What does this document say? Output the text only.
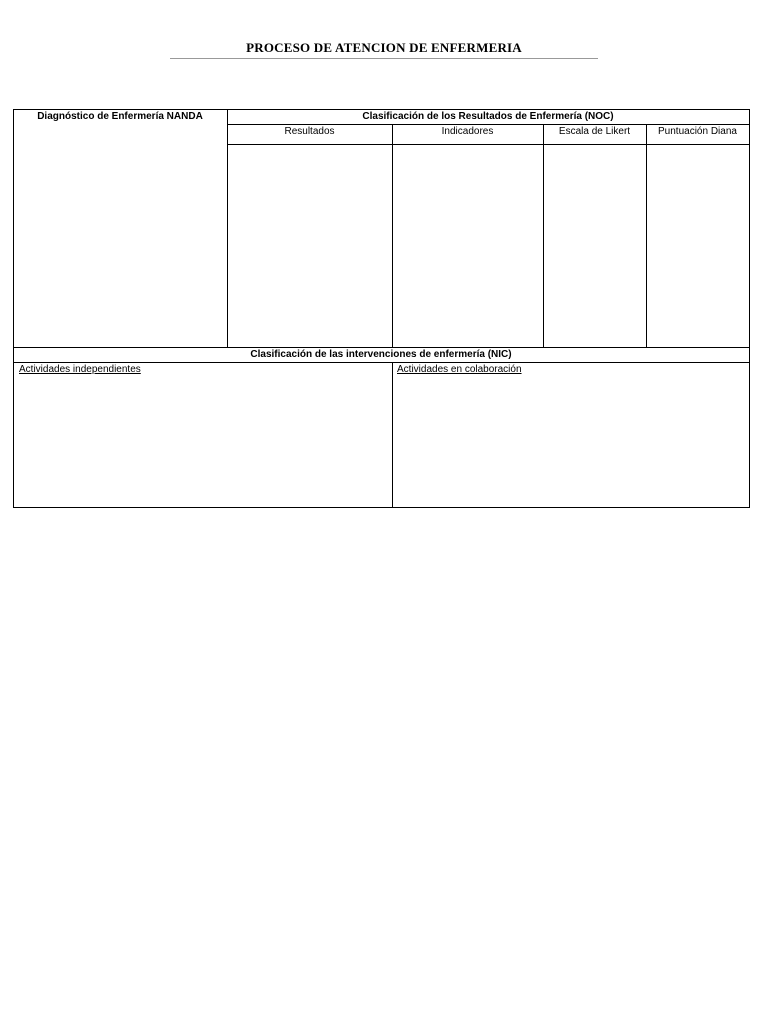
PROCESO DE ATENCION DE ENFERMERIA
Diagnóstico de Enfermería NANDA	Clasificación de los Resultados de Enfermería (NOC)
Resultados	Indicadores	Escala de Likert	Puntuación Diana
Clasificación de las intervenciones de enfermería (NIC)
Actividades independientes	Actividades en colaboración
